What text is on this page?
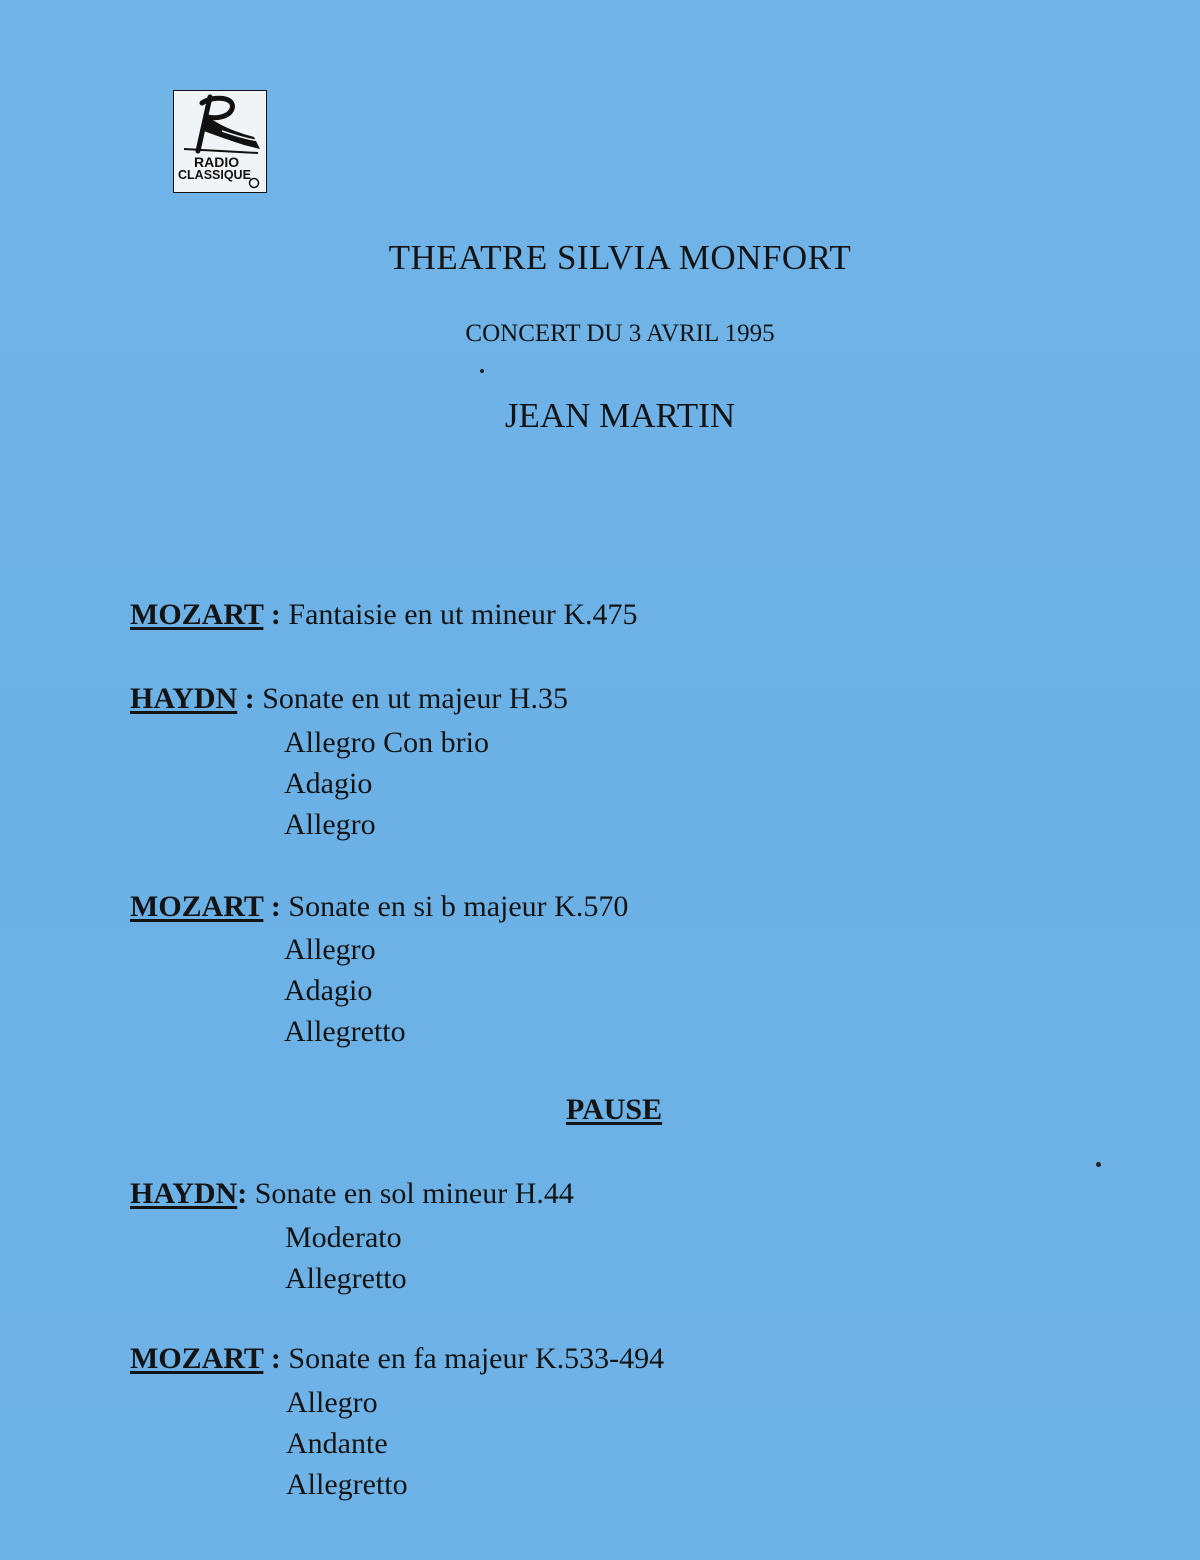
RADIO
CLASSIQUE
THEATRE SILVIA MONFORT
CONCERT DU 3 AVRIL 1995
JEAN MARTIN
MOZART : Fantaisie en ut mineur K.475
HAYDN : Sonate en ut majeur H.35
Allegro Con brio
Adagio
Allegro
MOZART : Sonate en si b majeur K.570
Allegro
Adagio
Allegretto
PAUSE
HAYDN: Sonate en sol mineur H.44
Moderato
Allegretto
MOZART : Sonate en fa majeur K.533-494
Allegro
Andante
Allegretto
